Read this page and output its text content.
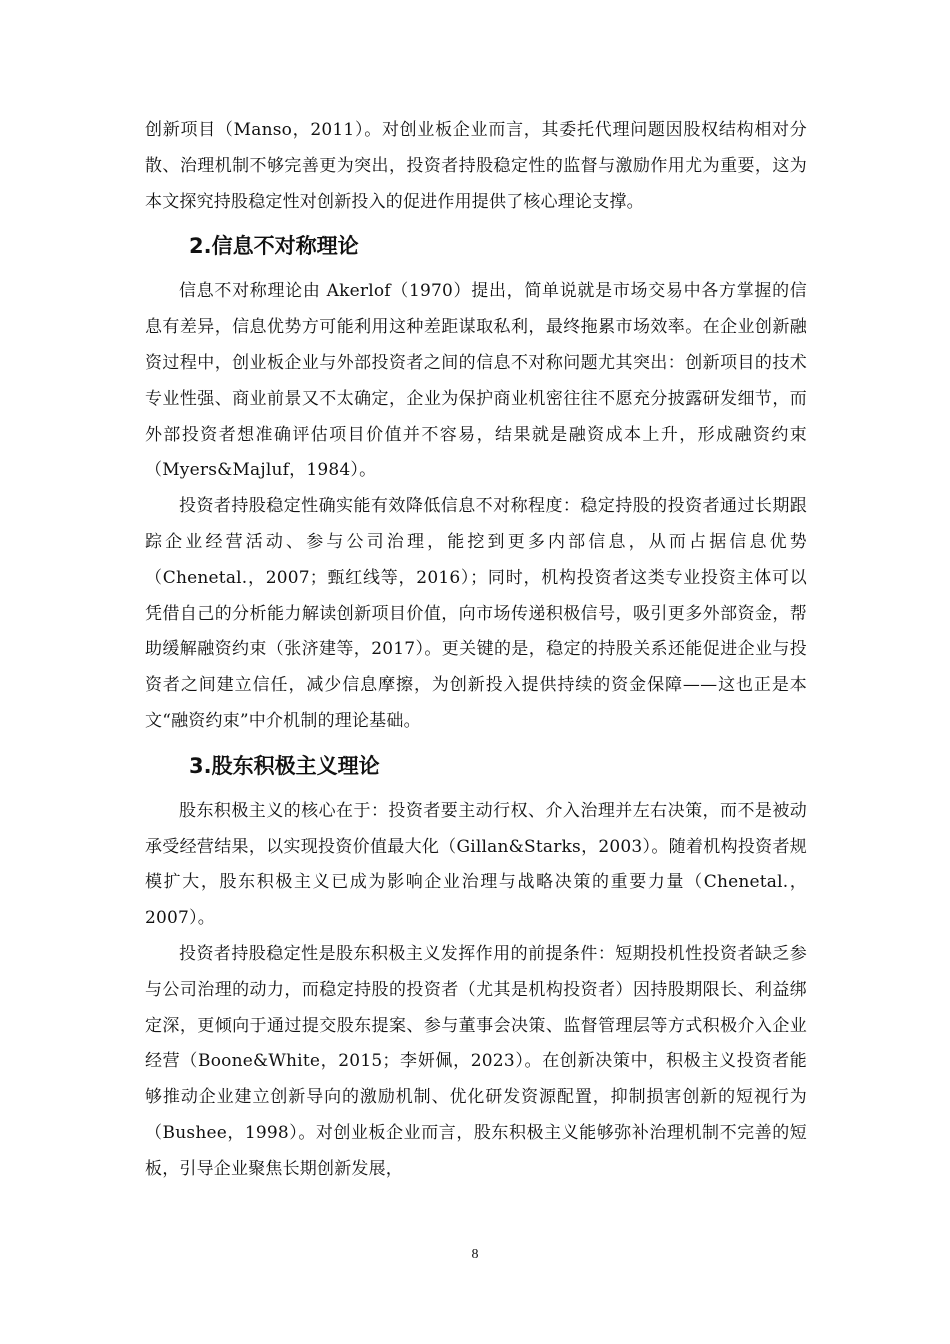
创新项目（Manso，2011）。对创业板企业而言，其委托代理问题因股权结构相对分散、治理机制不够完善更为突出，投资者持股稳定性的监督与激励作用尤为重要，这为本文探究持股稳定性对创新投入的促进作用提供了核心理论支撑。

2.信息不对称理论

信息不对称理论由 Akerlof（1970）提出，简单说就是市场交易中各方掌握的信息有差异，信息优势方可能利用这种差距谋取私利，最终拖累市场效率。在企业创新融资过程中，创业板企业与外部投资者之间的信息不对称问题尤其突出：创新项目的技术专业性强、商业前景又不太确定，企业为保护商业机密往往不愿充分披露研发细节，而外部投资者想准确评估项目价值并不容易，结果就是融资成本上升，形成融资约束（Myers&Majluf，1984）。

投资者持股稳定性确实能有效降低信息不对称程度：稳定持股的投资者通过长期跟踪企业经营活动、参与公司治理，能挖到更多内部信息，从而占据信息优势（Chenetal.，2007；甄红线等，2016）；同时，机构投资者这类专业投资主体可以凭借自己的分析能力解读创新项目价值，向市场传递积极信号，吸引更多外部资金，帮助缓解融资约束（张济建等，2017）。更关键的是，稳定的持股关系还能促进企业与投资者之间建立信任，减少信息摩擦，为创新投入提供持续的资金保障——这也正是本文“融资约束”中介机制的理论基础。

3.股东积极主义理论

股东积极主义的核心在于：投资者要主动行权、介入治理并左右决策，而不是被动承受经营结果，以实现投资价值最大化（Gillan&Starks，2003）。随着机构投资者规模扩大，股东积极主义已成为影响企业治理与战略决策的重要力量（Chenetal.，2007）。

投资者持股稳定性是股东积极主义发挥作用的前提条件：短期投机性投资者缺乏参与公司治理的动力，而稳定持股的投资者（尤其是机构投资者）因持股期限长、利益绑定深，更倾向于通过提交股东提案、参与董事会决策、监督管理层等方式积极介入企业经营（Boone&White，2015；李妍佩，2023）。在创新决策中，积极主义投资者能够推动企业建立创新导向的激励机制、优化研发资源配置，抑制损害创新的短视行为（Bushee，1998）。对创业板企业而言，股东积极主义能够弥补治理机制不完善的短板，引导企业聚焦长期创新发展，

8
